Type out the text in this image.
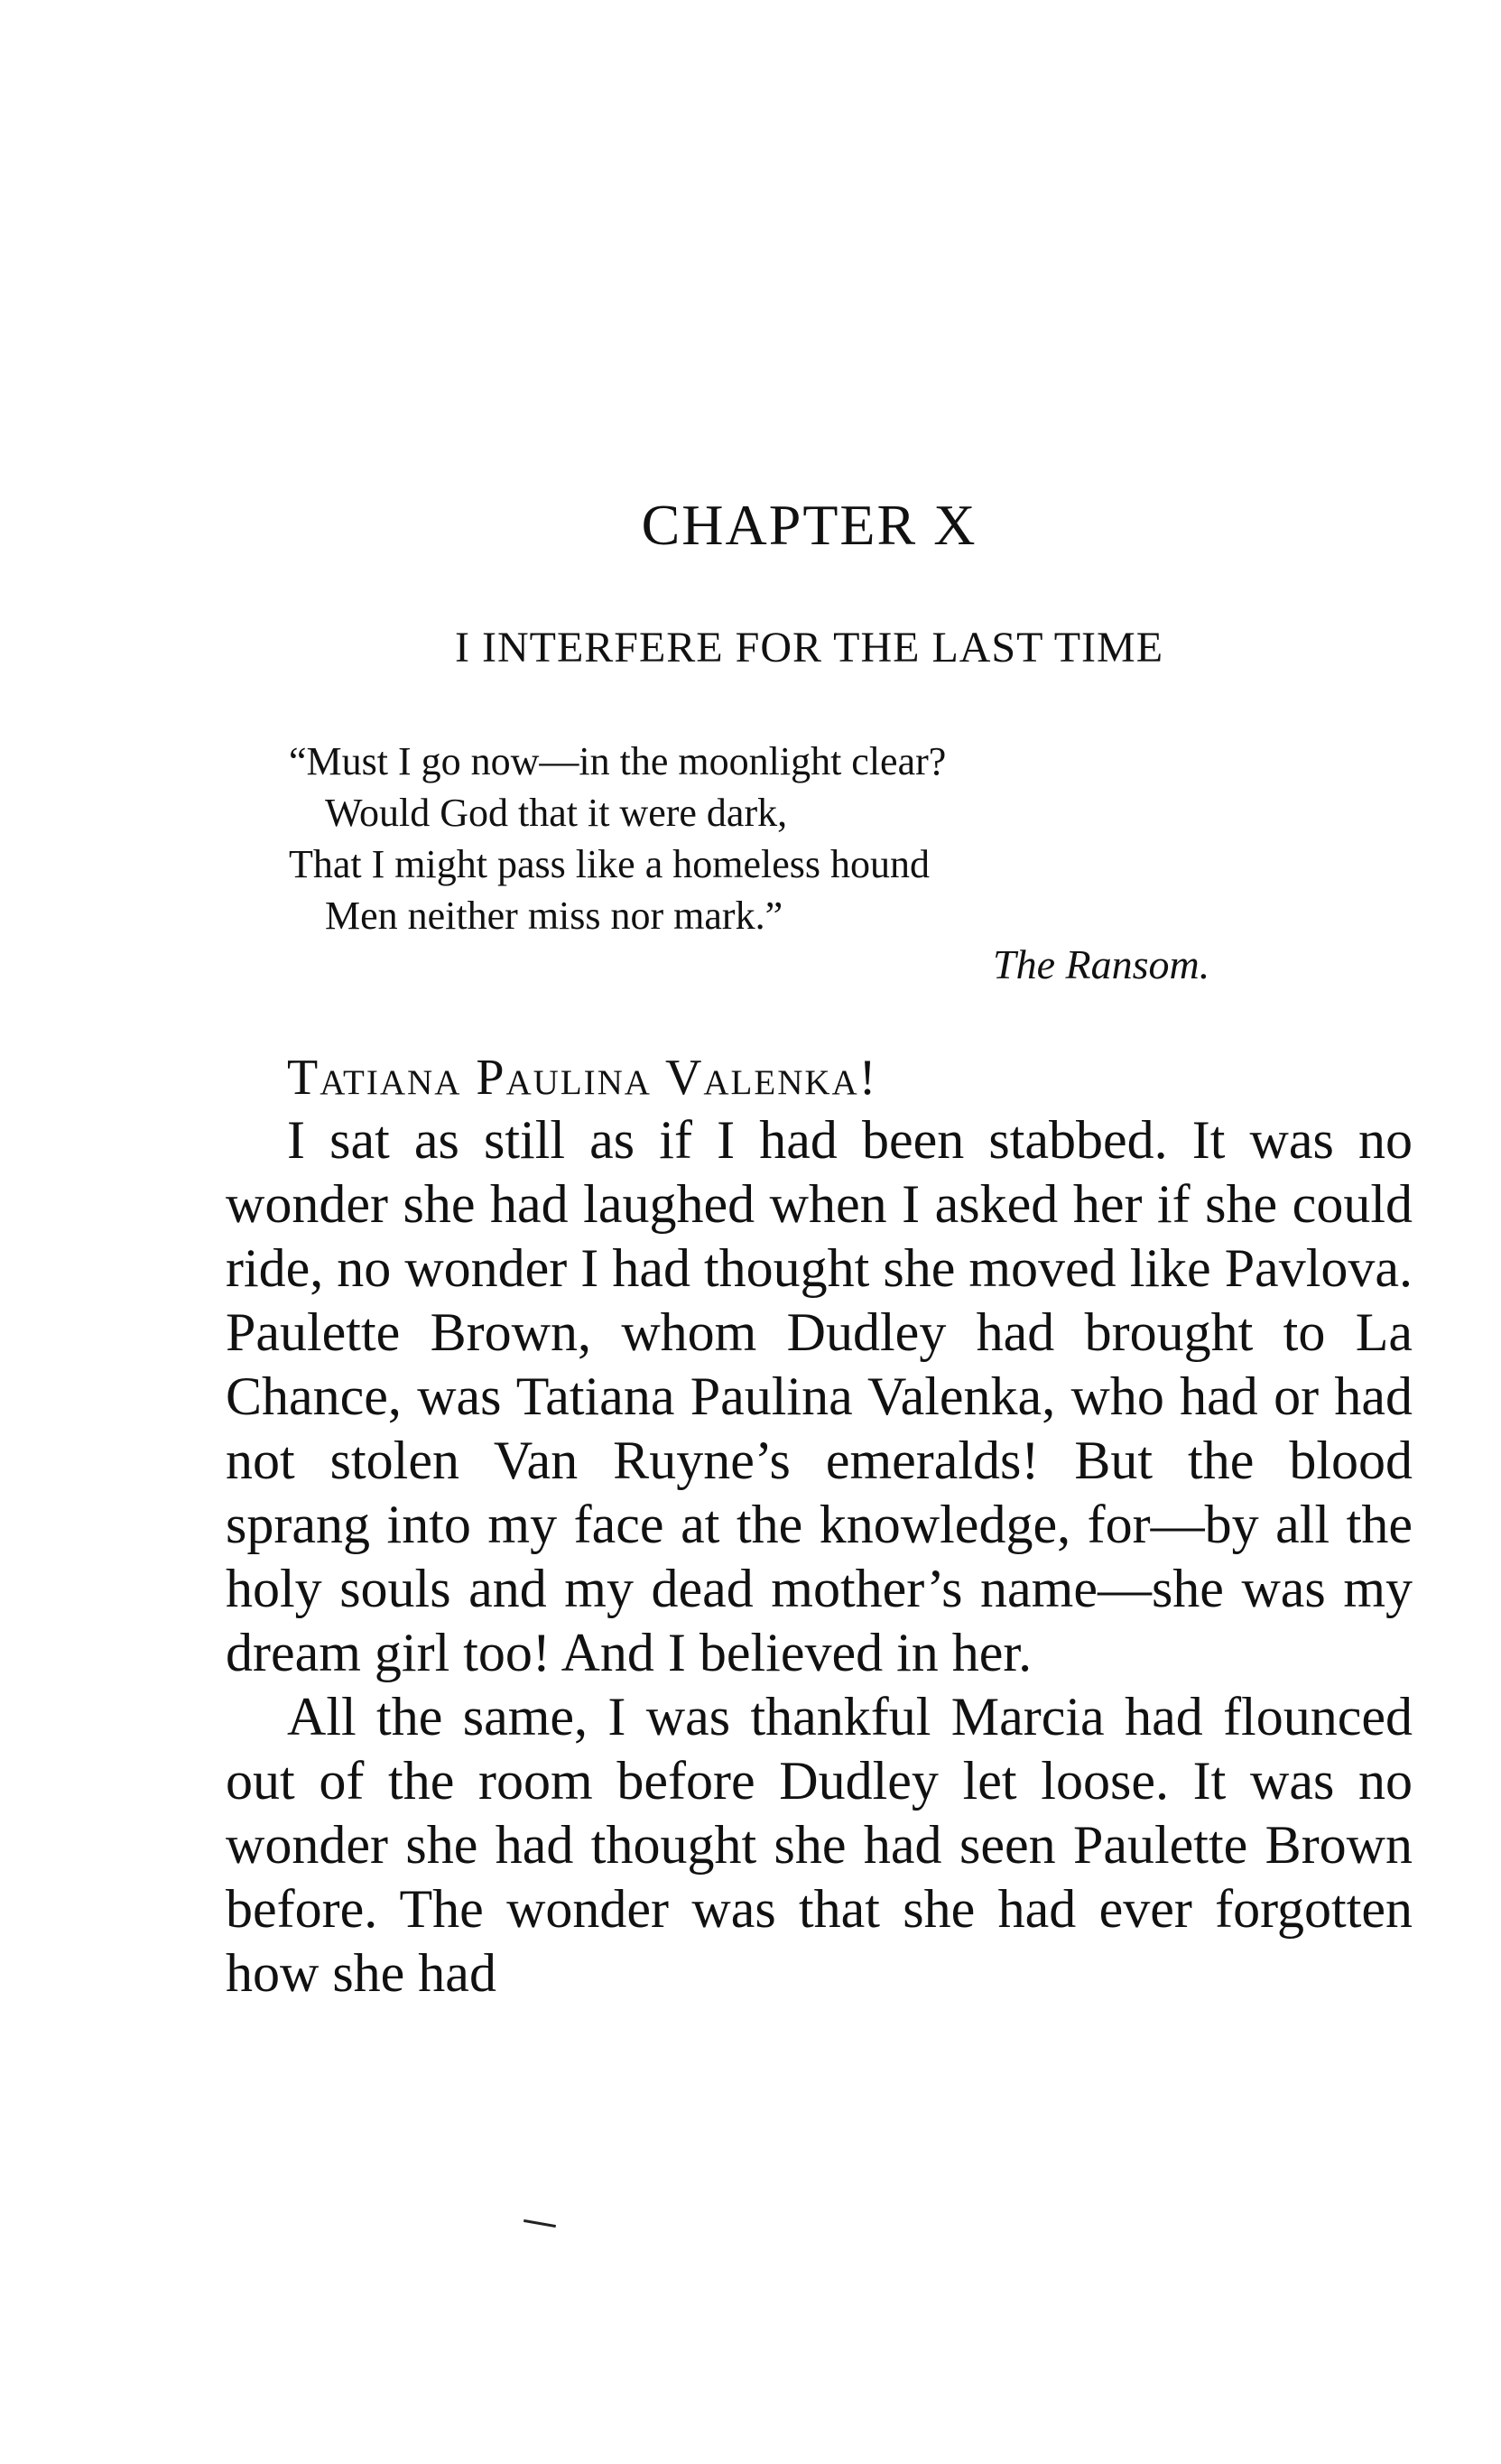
CHAPTER X
I INTERFERE FOR THE LAST TIME
“Must I go now—in the moonlight clear?
Would God that it were dark,
That I might pass like a homeless hound
Men neither miss nor mark.”
The Ransom.
Tatiana Paulina Valenka!

I sat as still as if I had been stabbed. It was no wonder she had laughed when I asked her if she could ride, no wonder I had thought she moved like Pavlova. Paulette Brown, whom Dudley had brought to La Chance, was Tatiana Paulina Valenka, who had or had not stolen Van Ruyne’s emeralds! But the blood sprang into my face at the knowledge, for—by all the holy souls and my dead mother’s name—she was my dream girl too! And I believed in her.

All the same, I was thankful Marcia had flounced out of the room before Dudley let loose. It was no wonder she had thought she had seen Paulette Brown before. The wonder was that she had ever forgotten how she had
